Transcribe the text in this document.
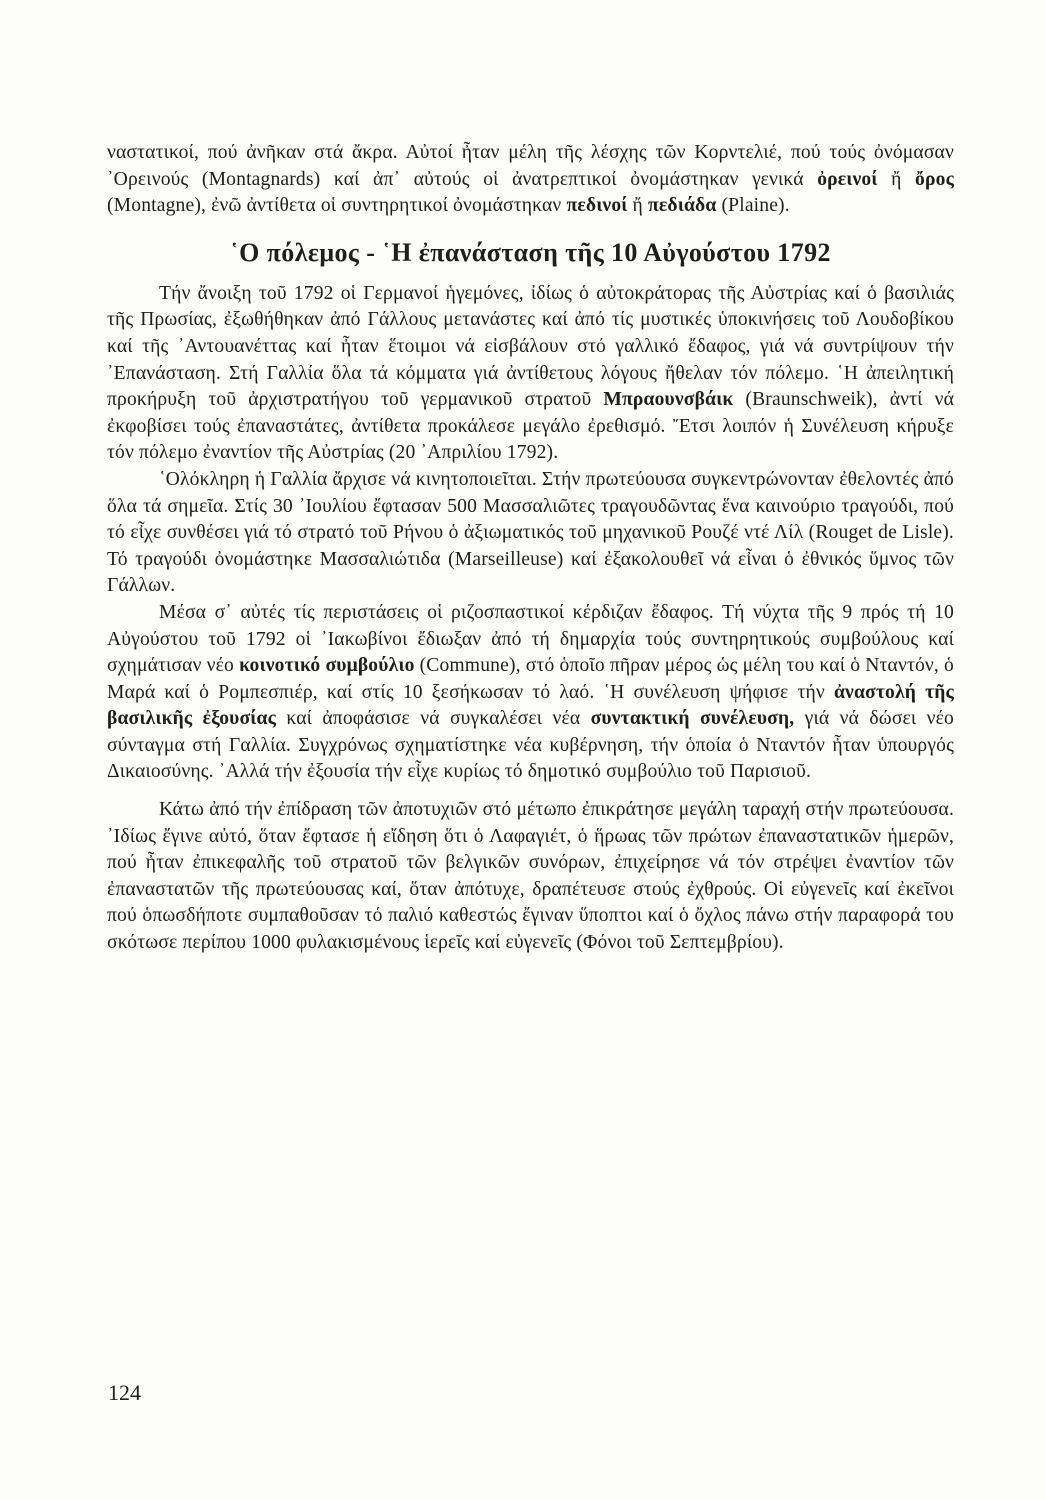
ναστατικοί, πού ἀνῆκαν στά ἄκρα. Αὐτοί ἦταν μέλη τῆς λέσχης τῶν Κορντελιέ, πού τούς ὀνόμασαν ᾿Ορεινούς (Montagnards) καί ἀπ᾿ αὐτούς οἱ ἀνατρεπτικοί ὀνομάστηκαν γενικά ὀρεινοί ἤ ὄρος (Montagne), ἐνῶ ἀντίθετα οἱ συντηρητικοί ὀνομάστηκαν πεδινοί ἤ πεδιάδα (Plaine).

῾Ο πόλεμος - ῾Η ἐπανάσταση τῆς 10 Αὐγούστου 1792

Τήν ἄνοιξη τοῦ 1792 οἱ Γερμανοί ἡγεμόνες, ἰδίως ὁ αὐτοκράτορας τῆς Αὐστρίας καί ὁ βασιλιάς τῆς Πρωσίας, ἐξωθήθηκαν ἀπό Γάλλους μετανάστες καί ἀπό τίς μυστικές ὑποκινήσεις τοῦ Λουδοβίκου καί τῆς ᾿Αντουανέττας καί ἦταν ἕτοιμοι νά εἰσβάλουν στό γαλλικό ἔδαφος, γιά νά συντρίψουν τήν ᾿Επανάσταση. Στή Γαλλία ὅλα τά κόμματα γιά ἀντίθετους λόγους ἤθελαν τόν πόλεμο. ῾Η ἀπειλητική προκήρυξη τοῦ ἀρχιστρατήγου τοῦ γερμανικοῦ στρατοῦ Μπραουνσβάικ (Braunschweik), ἀντί νά ἐκφοβίσει τούς ἐπαναστάτες, ἀντίθετα προκάλεσε μεγάλο ἐρεθισμό. Ἔτσι λοιπόν ἡ Συνέλευση κήρυξε τόν πόλεμο ἐναντίον τῆς Αὐστρίας (20 ᾿Απριλίου 1792).

῾Ολόκληρη ἡ Γαλλία ἄρχισε νά κινητοποιεῖται. Στήν πρωτεύουσα συγκεντρώνονταν ἐθελοντές ἀπό ὅλα τά σημεῖα. Στίς 30 ᾿Ιουλίου ἔφτασαν 500 Μασσαλιῶτες τραγουδῶντας ἕνα καινούριο τραγούδι, πού τό εἶχε συνθέσει γιά τό στρατό τοῦ Ρήνου ὁ ἀξιωματικός τοῦ μηχανικοῦ Ρουζέ ντέ Λίλ (Rouget de Lisle). Τό τραγούδι ὀνομάστηκε Μασσαλιώτιδα (Marseilleuse) καί ἐξακολουθεῖ νά εἶναι ὁ ἐθνικός ὕμνος τῶν Γάλλων.

Μέσα σ᾿ αὐτές τίς περιστάσεις οἱ ριζοσπαστικοί κέρδιζαν ἔδαφος. Τή νύχτα τῆς 9 πρός τή 10 Αὐγούστου τοῦ 1792 οἱ ᾿Ιακωβίνοι ἔδιωξαν ἀπό τή δημαρχία τούς συντηρητικούς συμβούλους καί σχημάτισαν νέο κοινοτικό συμβούλιο (Commune), στό ὁποῖο πῆραν μέρος ὡς μέλη του καί ὁ Νταντόν, ὁ Μαρά καί ὁ Ρομπεσπιέρ, καί στίς 10 ξεσήκωσαν τό λαό. ῾Η συνέλευση ψήφισε τήν ἀναστολή τῆς βασιλικῆς ἐξουσίας καί ἀποφάσισε νά συγκαλέσει νέα συντακτική συνέλευση, γιά νά δώσει νέο σύνταγμα στή Γαλλία. Συγχρόνως σχηματίστηκε νέα κυβέρνηση, τήν ὁποία ὁ Νταντόν ἦταν ὑπουργός Δικαιοσύνης. ᾿Αλλά τήν ἐξουσία τήν εἶχε κυρίως τό δημοτικό συμβούλιο τοῦ Παρισιοῦ.

Κάτω ἀπό τήν ἐπίδραση τῶν ἀποτυχιῶν στό μέτωπο ἐπικράτησε μεγάλη ταραχή στήν πρωτεύουσα. ᾿Ιδίως ἔγινε αὐτό, ὅταν ἔφτασε ἡ εἴδηση ὅτι ὁ Λαφαγιέτ, ὁ ἥρωας τῶν πρώτων ἐπαναστατικῶν ἡμερῶν, πού ἦταν ἐπικεφαλῆς τοῦ στρατοῦ τῶν βελγικῶν συνόρων, ἐπιχείρησε νά τόν στρέψει ἐναντίον τῶν ἐπαναστατῶν τῆς πρωτεύουσας καί, ὅταν ἀπότυχε, δραπέτευσε στούς ἐχθρούς. Οἱ εὐγενεῖς καί ἐκεῖνοι πού ὁπωσδήποτε συμπαθοῦσαν τό παλιό καθεστώς ἔγιναν ὕποπτοι καί ὁ ὄχλος πάνω στήν παραφορά του σκότωσε περίπου 1000 φυλακισμένους ἱερεῖς καί εὐγενεῖς (Φόνοι τοῦ Σεπτεμβρίου).

124
